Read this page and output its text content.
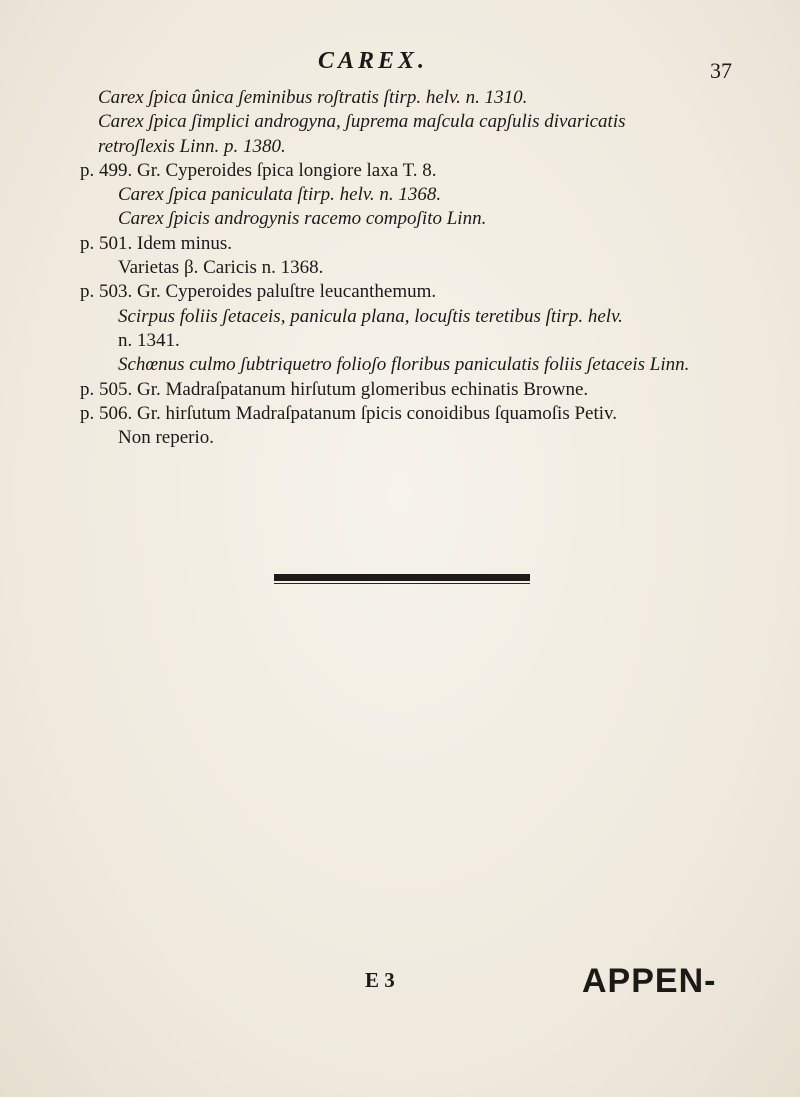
CAREX.	37
Carex ʃpica ûnica ʃeminibus roʃtratis ſtirp. helv. n. 1310.
Carex ʃpica ʃimplici androgyna, ʃuprema maʃcula capʃulis divaricatis
retroʃlexis Linn. p. 1380.
p. 499. Gr. Cyperoides ſpica longiore laxa T. 8.
Carex ʃpica paniculata ſtirp. helv. n. 1368.
Carex ʃpicis androgynis racemo compoʃito Linn.
p. 501. Idem minus.
Varietas β. Caricis n. 1368.
p. 503. Gr. Cyperoides paluſtre leucanthemum.
Scirpus foliis ʃetaceis, panicula plana, locuʃtis teretibus ſtirp. helv.
n. 1341.
Schœnus culmo ʃubtriquetro folioʃo floribus paniculatis foliis ʃetaceis Linn.
p. 505. Gr. Madraſpatanum hirſutum glomeribus echinatis Browne.
p. 506. Gr. hirſutum Madraſpatanum ſpicis conoidibus ſquamoſis Petiv.
Non reperio.
E 3	APPEN-
